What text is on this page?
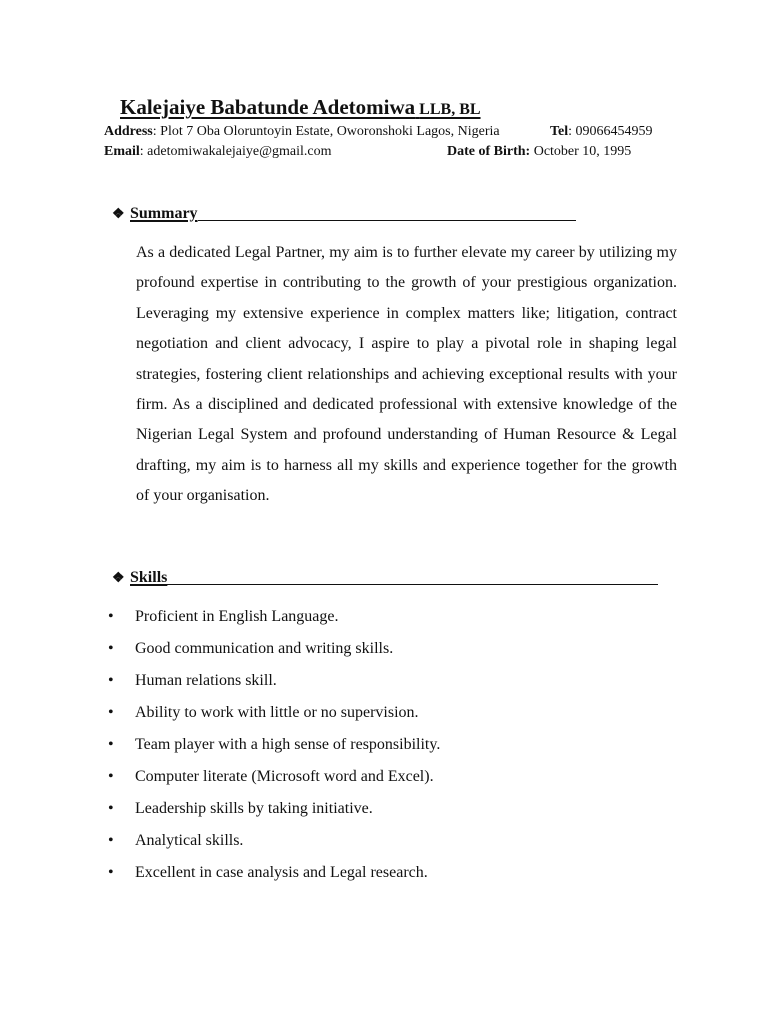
Kalejaiye Babatunde Adetomiwa LLB, BL
Address: Plot 7 Oba Oloruntoyin Estate, Oworonshoki Lagos, Nigeria	Tel: 09066454959
Email: adetomiwakalejaiye@gmail.com	Date of Birth: October 10, 1995
❖ Summary

As a dedicated Legal Partner, my aim is to further elevate my career by utilizing my profound expertise in contributing to the growth of your prestigious organization. Leveraging my extensive experience in complex matters like; litigation, contract negotiation and client advocacy, I aspire to play a pivotal role in shaping legal strategies, fostering client relationships and achieving exceptional results with your firm. As a disciplined and dedicated professional with extensive knowledge of the Nigerian Legal System and profound understanding of Human Resource & Legal drafting, my aim is to harness all my skills and experience together for the growth of your organisation.

❖ Skills
• Proficient in English Language.
• Good communication and writing skills.
• Human relations skill.
• Ability to work with little or no supervision.
• Team player with a high sense of responsibility.
• Computer literate (Microsoft word and Excel).
• Leadership skills by taking initiative.
• Analytical skills.
• Excellent in case analysis and Legal research.
